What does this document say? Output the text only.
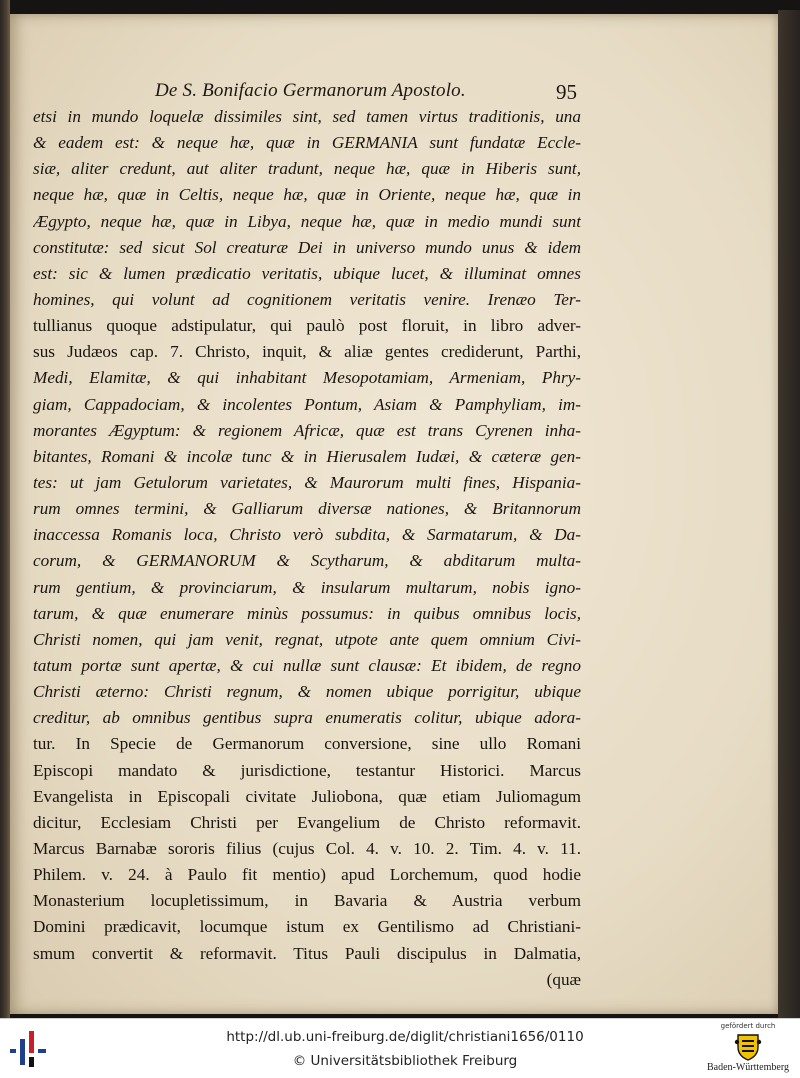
De S. Bonifacio Germanorum Apostolo.	95
etsi in mundo loquelæ dissimiles sint, sed tamen virtus traditionis, una
& eadem est: & neque hæ, quæ in GERMANIA sunt fundatæ Eccle-
siæ, aliter credunt, aut aliter tradunt, neque hæ, quæ in Hiberis sunt,
neque hæ, quæ in Celtis, neque hæ, quæ in Oriente, neque hæ, quæ in
Ægypto, neque hæ, quæ in Libya, neque hæ, quæ in medio mundi sunt
constitutæ: sed sicut Sol creaturæ Dei in universo mundo unus & idem
est: sic & lumen prædicatio veritatis, ubique lucet, & illuminat omnes
homines, qui volunt ad cognitionem veritatis venire. Irenæo Ter-
tullianus quoque adstipulatur, qui paulò post floruit, in libro adver-
sus Judæos cap. 7. Christo, inquit, & aliæ gentes crediderunt, Parthi,
Medi, Elamitæ, & qui inhabitant Mesopotamiam, Armeniam, Phry-
giam, Cappadociam, & incolentes Pontum, Asiam & Pamphyliam, im-
morantes Ægyptum: & regionem Africæ, quæ est trans Cyrenen inha-
bitantes, Romani & incolæ tunc & in Hierusalem Iudæi, & cæteræ gen-
tes: ut jam Getulorum varietates, & Maurorum multi fines, Hispania-
rum omnes termini, & Galliarum diversæ nationes, & Britannorum
inaccessa Romanis loca, Christo verò subdita, & Sarmatarum, & Da-
corum, & GERMANORUM & Scytharum, & abditarum multa-
rum gentium, & provinciarum, & insularum multarum, nobis igno-
tarum, & quæ enumerare minùs possumus: in quibus omnibus locis,
Christi nomen, qui jam venit, regnat, utpote ante quem omnium Civi-
tatum portæ sunt apertæ, & cui nullæ sunt clausæ: Et ibidem, de regno
Christi æterno: Christi regnum, & nomen ubique porrigitur, ubique
creditur, ab omnibus gentibus supra enumeratis colitur, ubique adora-
tur. In Specie de Germanorum conversione, sine ullo Romani
Episcopi mandato & jurisdictione, testantur Historici. Marcus
Evangelista in Episcopali civitate Juliobona, quæ etiam Juliomagum
dicitur, Ecclesiam Christi per Evangelium de Christo reformavit.
Marcus Barnabæ sororis filius (cujus Col. 4. v. 10. 2. Tim. 4. v. 11.
Philem. v. 24. à Paulo fit mentio) apud Lorchemum, quod hodie
Monasterium locupletissimum, in Bavaria & Austria verbum
Domini prædicavit, locumque istum ex Gentilismo ad Christiani-
smum convertit & reformavit. Titus Pauli discipulus in Dalmatia,
(quæ
http://dl.ub.uni-freiburg.de/diglit/christiani1656/0110
© Universitätsbibliothek Freiburg
gefördert durch
Baden-Württemberg
